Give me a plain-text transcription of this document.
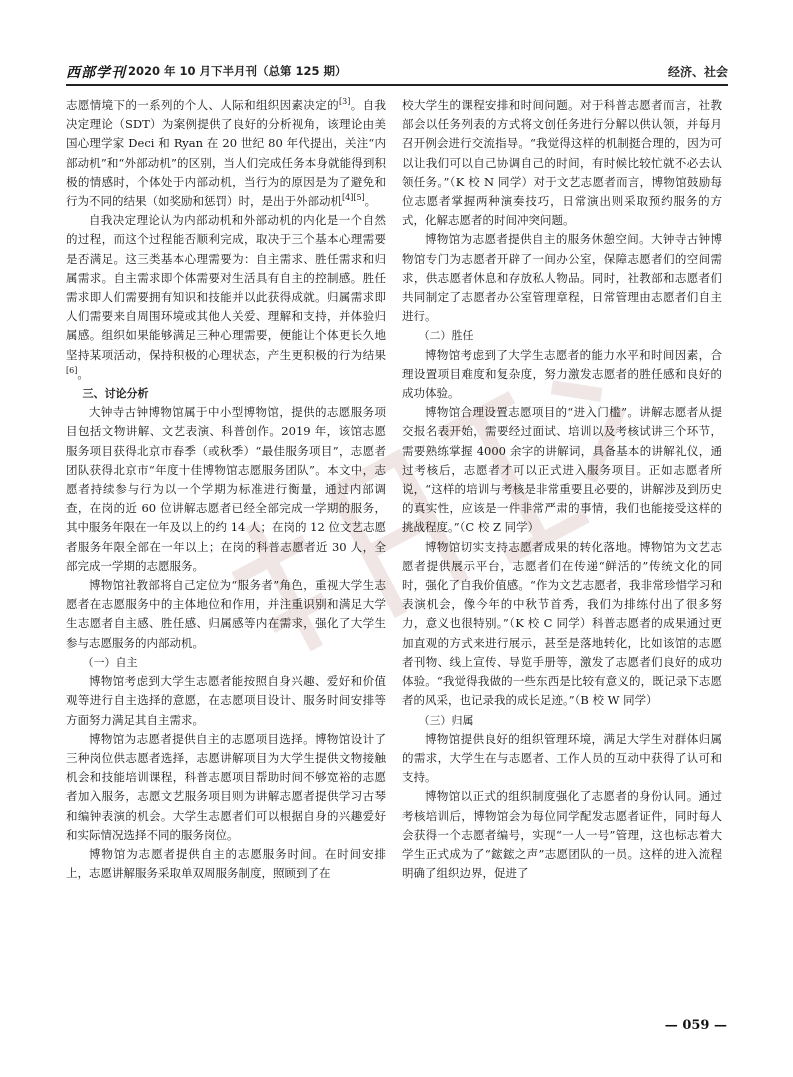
西部学刊 2020 年 10 月下半月刊（总第 125 期）	经济、社会

志愿情境下的一系列的个人、人际和组织因素决定的[3]。自我决定理论（SDT）为案例提供了良好的分析视角，该理论由美国心理学家 Deci 和 Ryan 在 20 世纪 80 年代提出，关注“内部动机”和“外部动机”的区别，当人们完成任务本身就能得到积极的情感时，个体处于内部动机，当行为的原因是为了避免和行为不同的结果（如奖励和惩罚）时，是出于外部动机[4][5]。

自我决定理论认为内部动机和外部动机的内化是一个自然的过程，而这个过程能否顺利完成，取决于三个基本心理需要是否满足。这三类基本心理需要为：自主需求、胜任需求和归属需求。自主需求即个体需要对生活具有自主的控制感。胜任需求即人们需要拥有知识和技能并以此获得成就。归属需求即人们需要来自周围环境或其他人关爱、理解和支持，并体验归属感。组织如果能够满足三种心理需要，便能让个体更长久地坚持某项活动，保持积极的心理状态，产生更积极的行为结果[6]。

三、讨论分析

大钟寺古钟博物馆属于中小型博物馆，提供的志愿服务项目包括文物讲解、文艺表演、科普创作。2019 年，该馆志愿服务项目获得北京市春季（或秋季）“最佳服务项目”，志愿者团队获得北京市“年度十佳博物馆志愿服务团队”。本文中，志愿者持续参与行为以一个学期为标准进行衡量，通过内部调查，在岗的近 60 位讲解志愿者已经全部完成一学期的服务，其中服务年限在一年及以上的约 14 人；在岗的 12 位文艺志愿者服务年限全部在一年以上；在岗的科普志愿者近 30 人，全部完成一学期的志愿服务。

博物馆社教部将自己定位为“服务者”角色，重视大学生志愿者在志愿服务中的主体地位和作用，并注重识别和满足大学生志愿者自主感、胜任感、归属感等内在需求，强化了大学生参与志愿服务的内部动机。

（一）自主

博物馆考虑到大学生志愿者能按照自身兴趣、爱好和价值观等进行自主选择的意愿，在志愿项目设计、服务时间安排等方面努力满足其自主需求。

博物馆为志愿者提供自主的志愿项目选择。博物馆设计了三种岗位供志愿者选择，志愿讲解项目为大学生提供文物接触机会和技能培训课程，科普志愿项目帮助时间不够宽裕的志愿者加入服务，志愿文艺服务项目则为讲解志愿者提供学习古琴和编钟表演的机会。大学生志愿者们可以根据自身的兴趣爱好和实际情况选择不同的服务岗位。

博物馆为志愿者提供自主的志愿服务时间。在时间安排上，志愿讲解服务采取单双周服务制度，照顾到了在

校大学生的课程安排和时间问题。对于科普志愿者而言，社教部会以任务列表的方式将文创任务进行分解以供认领，并每月召开例会进行交流指导。“我觉得这样的机制挺合理的，因为可以让我们可以自己协调自己的时间，有时候比较忙就不必去认领任务。”（K 校 N 同学）对于文艺志愿者而言，博物馆鼓励每位志愿者掌握两种演奏技巧，日常演出则采取预约服务的方式，化解志愿者的时间冲突问题。

博物馆为志愿者提供自主的服务休憩空间。大钟寺古钟博物馆专门为志愿者开辟了一间办公室，保障志愿者们的空间需求，供志愿者休息和存放私人物品。同时，社教部和志愿者们共同制定了志愿者办公室管理章程，日常管理由志愿者们自主进行。

（二）胜任

博物馆考虑到了大学生志愿者的能力水平和时间因素，合理设置项目难度和复杂度，努力激发志愿者的胜任感和良好的成功体验。

博物馆合理设置志愿项目的“进入门槛”。讲解志愿者从提交报名表开始，需要经过面试、培训以及考核试讲三个环节，需要熟练掌握 4000 余字的讲解词，具备基本的讲解礼仪，通过考核后，志愿者才可以正式进入服务项目。正如志愿者所说，“这样的培训与考核是非常重要且必要的，讲解涉及到历史的真实性，应该是一件非常严肃的事情，我们也能接受这样的挑战程度。”（C 校 Z 同学）

博物馆切实支持志愿者成果的转化落地。博物馆为文艺志愿者提供展示平台，志愿者们在传递“鲜活的”传统文化的同时，强化了自我价值感。“作为文艺志愿者，我非常珍惜学习和表演机会，像今年的中秋节首秀，我们为排练付出了很多努力，意义也很特别。”（K 校 C 同学）科普志愿者的成果通过更加直观的方式来进行展示，甚至是落地转化，比如该馆的志愿者刊物、线上宣传、导览手册等，激发了志愿者们良好的成功体验。“我觉得我做的一些东西是比较有意义的，既记录下志愿者的风采，也记录我的成长足迹。”（B 校 W 同学）

（三）归属

博物馆提供良好的组织管理环境，满足大学生对群体归属的需求，大学生在与志愿者、工作人员的互动中获得了认可和支持。

博物馆以正式的组织制度强化了志愿者的身份认同。通过考核培训后，博物馆会为每位同学配发志愿者证件，同时每人会获得一个志愿者编号，实现“一人一号”管理，这也标志着大学生正式成为了“鋐鋐之声”志愿团队的一员。这样的进入流程明确了组织边界，促进了

— 059 —
